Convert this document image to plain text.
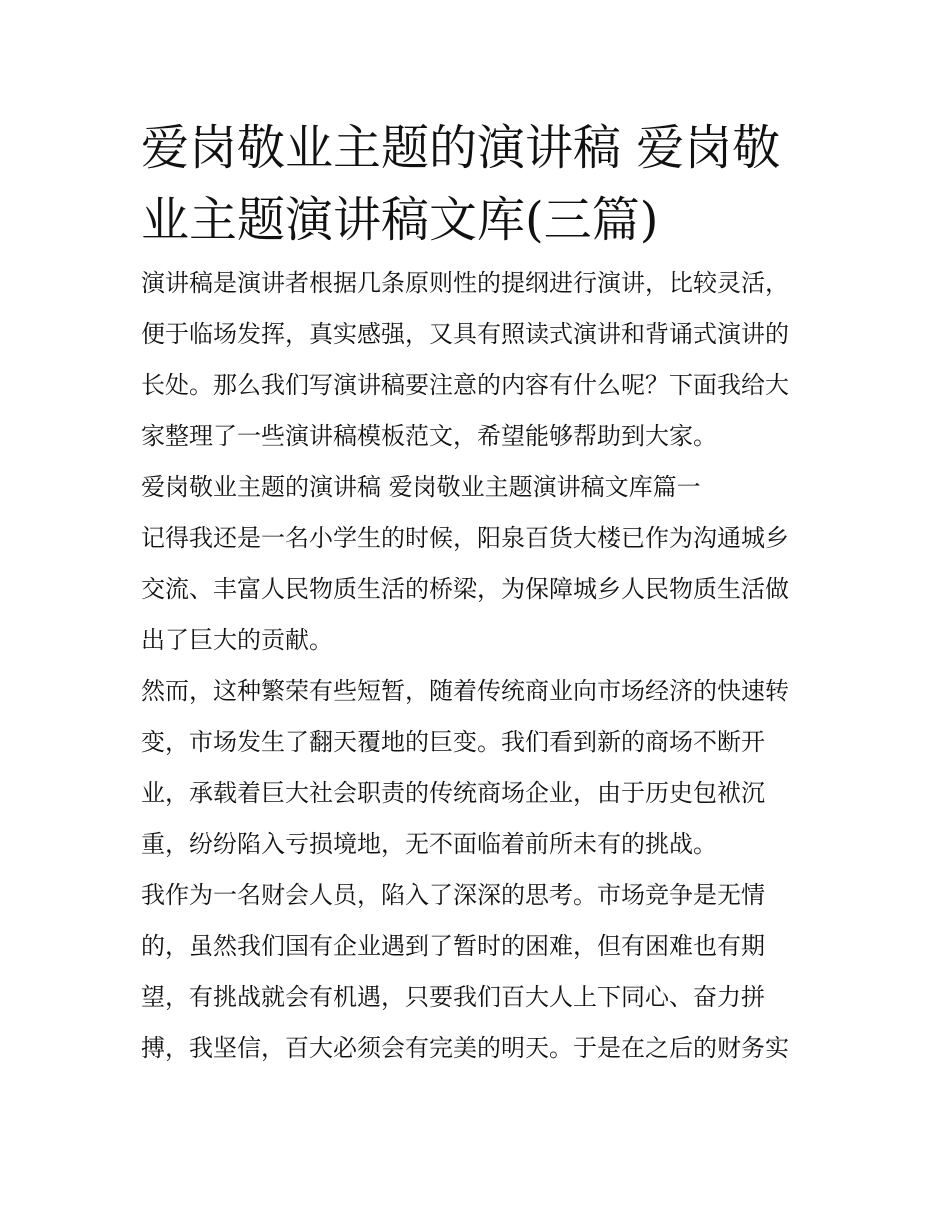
爱岗敬业主题的演讲稿 爱岗敬
业主题演讲稿文库(三篇)
演讲稿是演讲者根据几条原则性的提纲进行演讲，比较灵活，
便于临场发挥，真实感强，又具有照读式演讲和背诵式演讲的
长处。那么我们写演讲稿要注意的内容有什么呢？下面我给大
家整理了一些演讲稿模板范文，希望能够帮助到大家。
爱岗敬业主题的演讲稿 爱岗敬业主题演讲稿文库篇一
记得我还是一名小学生的时候，阳泉百货大楼已作为沟通城乡
交流、丰富人民物质生活的桥梁，为保障城乡人民物质生活做
出了巨大的贡献。
然而，这种繁荣有些短暂，随着传统商业向市场经济的快速转
变，市场发生了翻天覆地的巨变。我们看到新的商场不断开
业，承载着巨大社会职责的传统商场企业，由于历史包袱沉
重，纷纷陷入亏损境地，无不面临着前所未有的挑战。
我作为一名财会人员，陷入了深深的思考。市场竞争是无情
的，虽然我们国有企业遇到了暂时的困难，但有困难也有期
望，有挑战就会有机遇，只要我们百大人上下同心、奋力拼
搏，我坚信，百大必须会有完美的明天。于是在之后的财务实
